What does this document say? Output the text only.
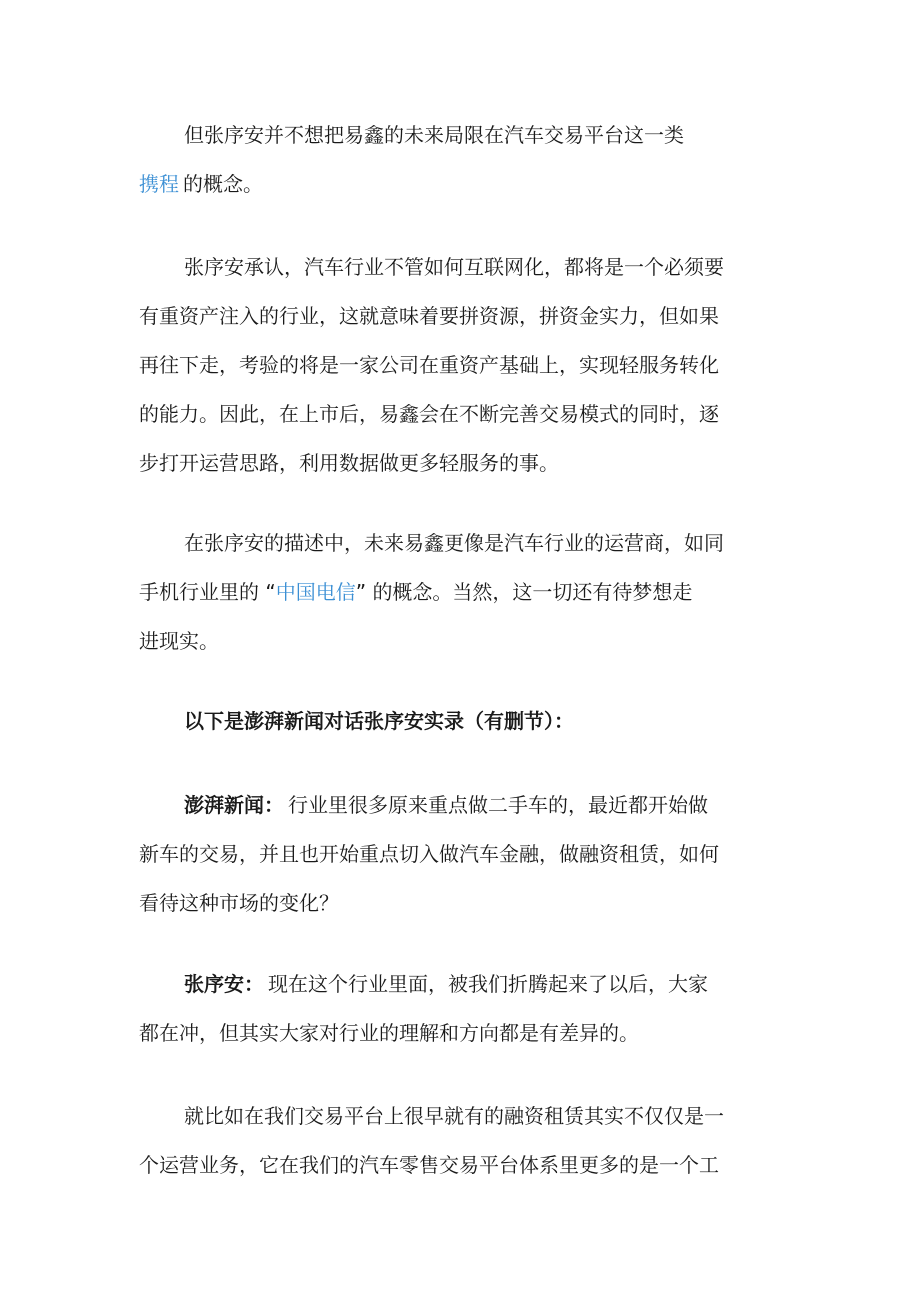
但张序安并不想把易鑫的未来局限在汽车交易平台这一类
携程 的概念。
张序安承认，汽车行业不管如何互联网化，都将是一个必须要
有重资产注入的行业，这就意味着要拼资源，拼资金实力，但如果
再往下走，考验的将是一家公司在重资产基础上，实现轻服务转化
的能力。因此，在上市后，易鑫会在不断完善交易模式的同时，逐
步打开运营思路，利用数据做更多轻服务的事。
在张序安的描述中，未来易鑫更像是汽车行业的运营商，如同
手机行业里的 “中国电信” 的概念。当然，这一切还有待梦想走
进现实。
以下是澎湃新闻对话张序安实录（有删节）：
澎湃新闻： 行业里很多原来重点做二手车的，最近都开始做
新车的交易，并且也开始重点切入做汽车金融，做融资租赁，如何
看待这种市场的变化？
张序安： 现在这个行业里面，被我们折腾起来了以后，大家
都在冲，但其实大家对行业的理解和方向都是有差异的。
就比如在我们交易平台上很早就有的融资租赁其实不仅仅是一
个运营业务，它在我们的汽车零售交易平台体系里更多的是一个工
